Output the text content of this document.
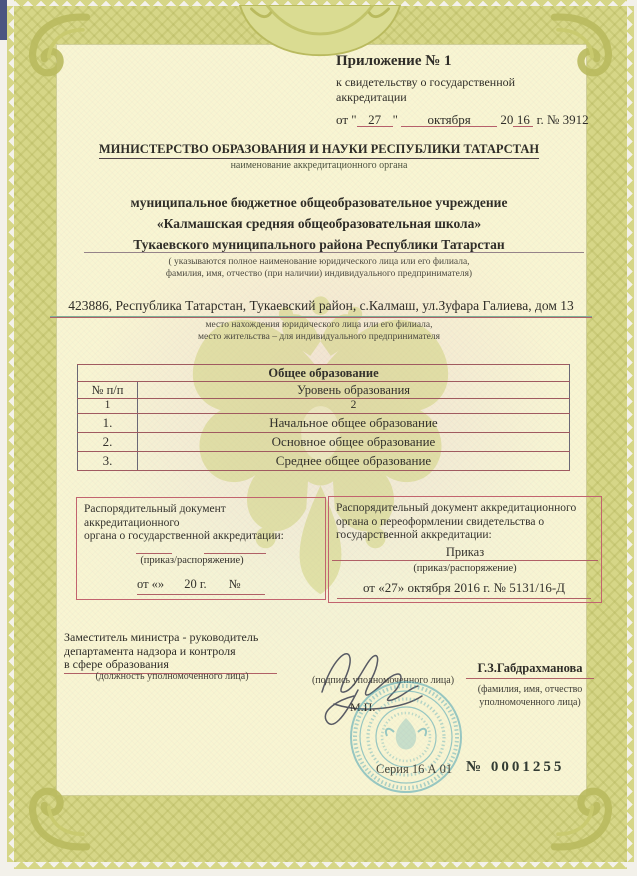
Приложение № 1
к свидетельству о государственной
аккредитации
от " 27 " октября 20 16 г. № 3912
МИНИСТЕРСТВО ОБРАЗОВАНИЯ И НАУКИ РЕСПУБЛИКИ ТАТАРСТАН
наименование аккредитационного органа
муниципальное бюджетное общеобразовательное учреждение
«Калмашская средняя общеобразовательная школа»
Тукаевского муниципального района Республики Татарстан
( указываются полное наименование юридического лица или его филиала,
фамилия, имя, отчество (при наличии) индивидуального предпринимателя)
423886, Республика Татарстан, Тукаевский район, с.Калмаш, ул.Зуфара Галиева, дом 13
место нахождения юридического лица или его филиала,
место жительства – для индивидуального предпринимателя
Общее образование	
№ п/п	Уровень образования
1	2
1.	Начальное общее образование
2.	Основное общее образование
3.	Среднее общее образование
Распорядительный документ аккредитационного
органа о государственной аккредитации:
(приказ/распоряжение)
от «» 20 г. №
Распорядительный документ аккредитационного
органа о переоформлении свидетельства о
государственной аккредитации:
Приказ
(приказ/распоряжение)
от «27» октября 2016 г. № 5131/16-Д
Заместитель министра - руководитель
департамента надзора и контроля
в сфере образования
(должность уполномоченного лица)	(подпись уполномоченного лица)
М.П.
Г.З.Габдрахманова
(фамилия, имя, отчество
уполномоченного лица)
Серия 16 А 01 № 0001255
